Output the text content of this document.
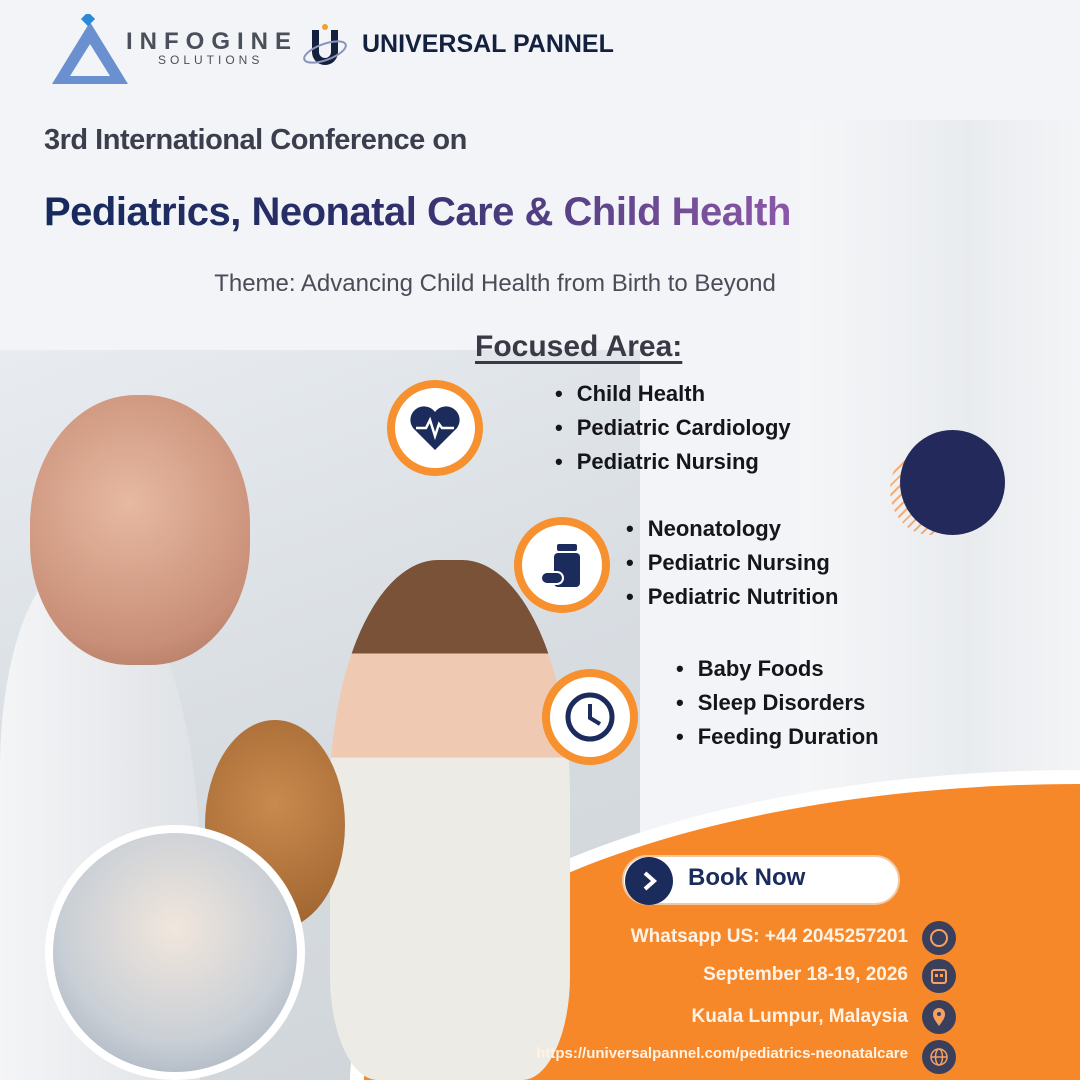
INFOGINE
SOLUTIONS
UNIVERSAL PANNEL
3rd International Conference on
Pediatrics, Neonatal Care & Child Health
Theme: Advancing Child Health from Birth to Beyond
Focused Area:
• Child Health
• Pediatric Cardiology
• Pediatric Nursing
• Neonatology
• Pediatric Nursing
• Pediatric Nutrition
• Baby Foods
• Sleep Disorders
• Feeding Duration
Book Now
Whatsapp US: +44 2045257201
September 18-19, 2026
Kuala Lumpur, Malaysia
https://universalpannel.com/pediatrics-neonatalcare
